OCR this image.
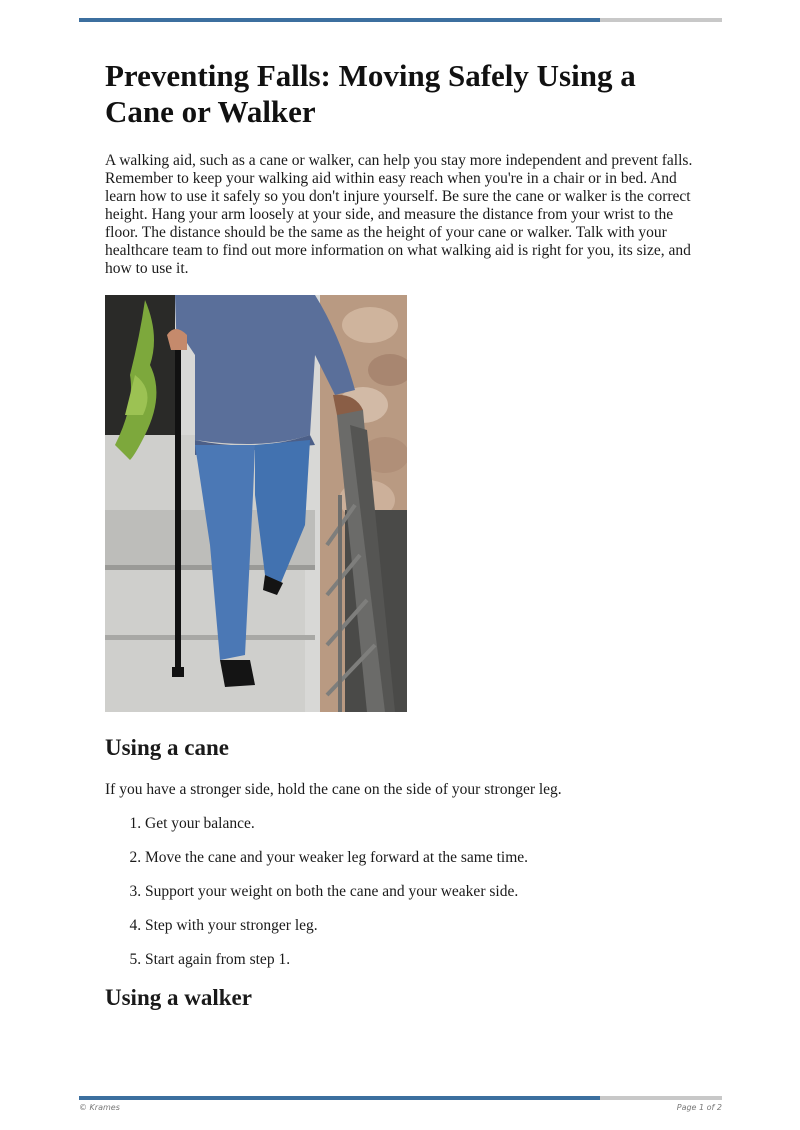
Preventing Falls: Moving Safely Using a Cane or Walker

A walking aid, such as a cane or walker, can help you stay more independent and prevent falls. Remember to keep your walking aid within easy reach when you're in a chair or in bed. And learn how to use it safely so you don't injure yourself. Be sure the cane or walker is the correct height. Hang your arm loosely at your side, and measure the distance from your wrist to the floor. The distance should be the same as the height of your cane or walker. Talk with your healthcare team to find out more information on what walking aid is right for you, its size, and how to use it.

Using a cane

If you have a stronger side, hold the cane on the side of your stronger leg.

1. Get your balance.
2. Move the cane and your weaker leg forward at the same time.
3. Support your weight on both the cane and your weaker side.
4. Step with your stronger leg.
5. Start again from step 1.
Using a walker
© Krames	Page 1 of 2
